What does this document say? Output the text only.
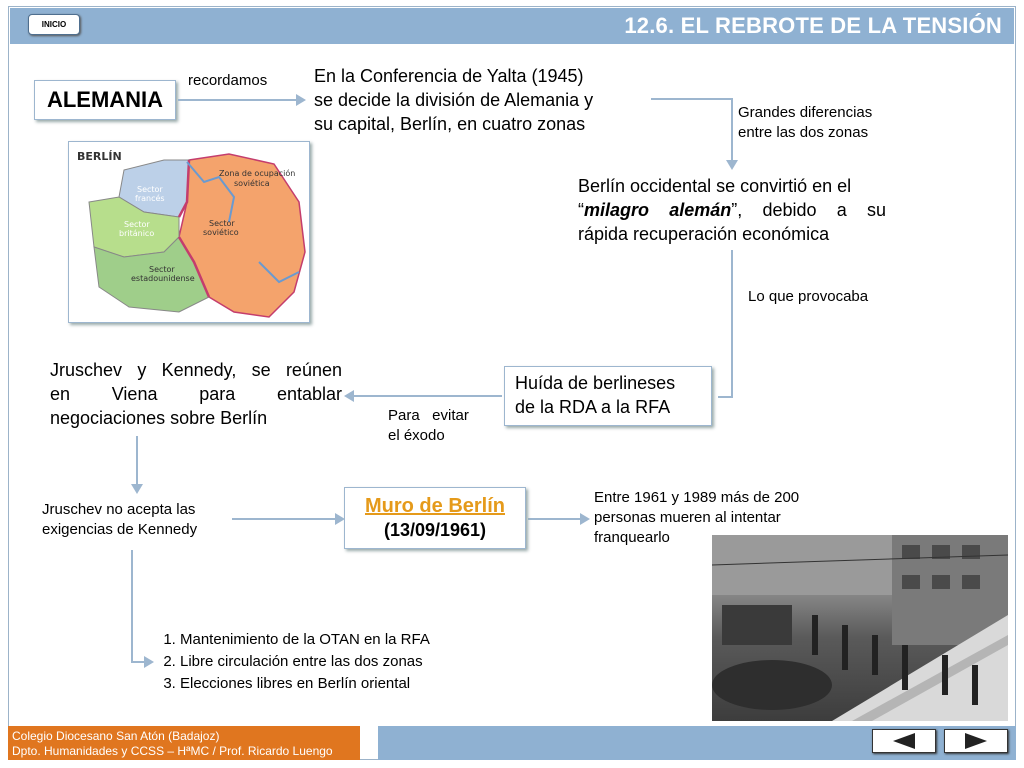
INICIO	12.6. EL REBROTE DE LA TENSIÓN
ALEMANIA
recordamos	En la Conferencia de Yalta (1945)
se decide la división de Alemania y
su capital, Berlín, en cuatro zonas
Grandes diferencias
entre las dos zonas
BERLÍN
Zona de ocupación
soviética
Sector
francés
Sector
británico
Sector
soviético
Sector
estadounidense
Berlín occidental se convirtió en el
“milagro alemán”, debido a su
rápida recuperación económica
Lo que provocaba
Huída de berlineses
de la RDA a la RFA
Para   evitar
el éxodo
Jruschev y Kennedy, se reúnen
en Viena para entablar
negociaciones sobre Berlín
Jruschev no acepta las
exigencias de Kennedy
Muro de Berlín
(13/09/1961)
Entre 1961 y 1989 más de 200
personas mueren al intentar
franquearlo
1. Mantenimiento de la OTAN en la RFA
2. Libre circulación entre las dos zonas
3. Elecciones libres en Berlín oriental
Colegio Diocesano San Atón (Badajoz)
Dpto. Humanidades y CCSS – HªMC / Prof. Ricardo Luengo
